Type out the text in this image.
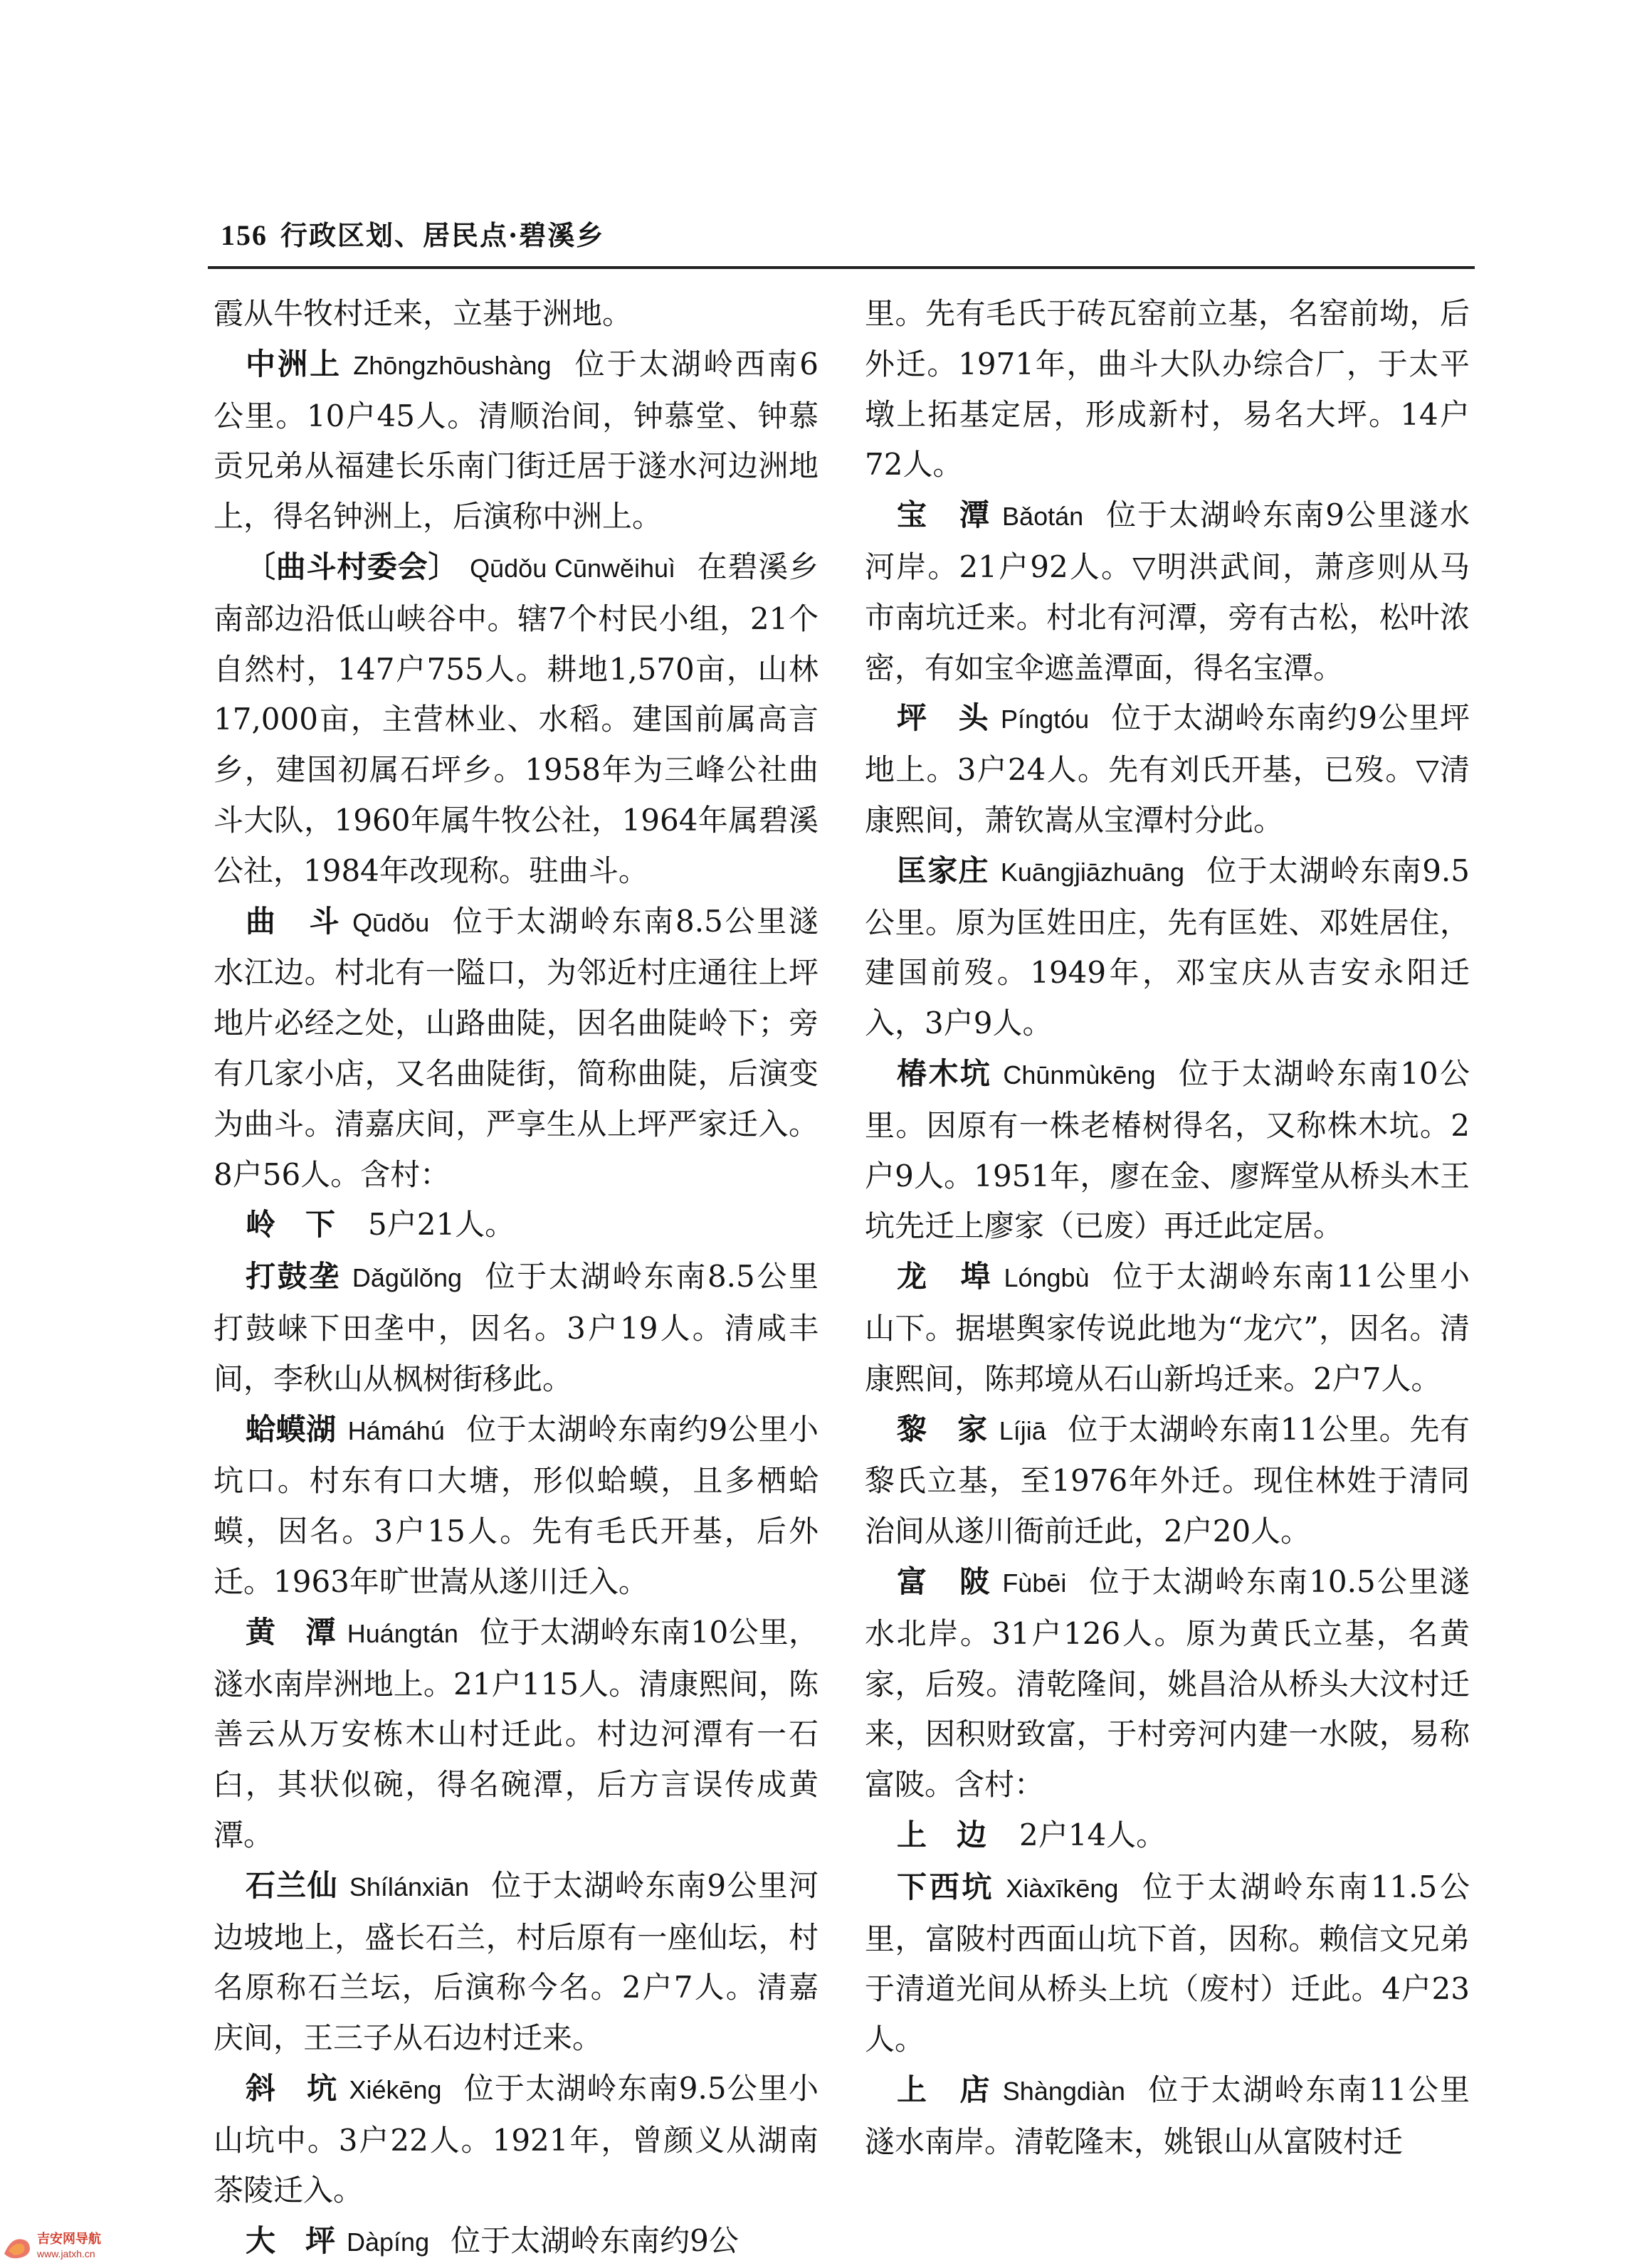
156 行政区划、居民点·碧溪乡

霞从牛牧村迁来，立基于洲地。

中洲上 Zhōngzhōushàng 位于太湖岭西南6公里。10户45人。清顺治间，钟慕堂、钟慕贡兄弟从福建长乐南门街迁居于澻水河边洲地上，得名钟洲上，后演称中洲上。

〔曲斗村委会〕 Qūdǒu Cūnwěihuì 在碧溪乡南部边沿低山峡谷中。辖7个村民小组，21个自然村，147户755人。耕地1,570亩，山林17,000亩，主营林业、水稻。建国前属高言乡，建国初属石坪乡。1958年为三峰公社曲斗大队，1960年属牛牧公社，1964年属碧溪公社，1984年改现称。驻曲斗。

曲　斗 Qūdǒu 位于太湖岭东南8.5公里澻水江边。村北有一隘口，为邻近村庄通往上坪地片必经之处，山路曲陡，因名曲陡岭下；旁有几家小店，又名曲陡街，简称曲陡，后演变为曲斗。清嘉庆间，严享生从上坪严家迁入。8户56人。含村：

岭　下 5户21人。

打鼓垄 Dǎgǔlǒng 位于太湖岭东南8.5公里打鼓崃下田垄中，因名。3户19人。清咸丰间，李秋山从枫树街移此。

蛤蟆湖 Hámáhú 位于太湖岭东南约9公里小坑口。村东有口大塘，形似蛤蟆，且多栖蛤蟆，因名。3户15人。先有毛氏开基，后外迁。1963年旷世嵩从遂川迁入。

黄　潭 Huángtán 位于太湖岭东南10公里，澻水南岸洲地上。21户115人。清康熙间，陈善云从万安栋木山村迁此。村边河潭有一石臼，其状似碗，得名碗潭，后方言误传成黄潭。

石兰仙 Shílánxiān 位于太湖岭东南9公里河边坡地上，盛长石兰，村后原有一座仙坛，村名原称石兰坛，后演称今名。2户7人。清嘉庆间，王三子从石边村迁来。

斜　坑 Xiékēng 位于太湖岭东南9.5公里小山坑中。3户22人。1921年，曾颜义从湖南茶陵迁入。

大　坪 Dàpíng 位于太湖岭东南约9公

里。先有毛氏于砖瓦窑前立基，名窑前坳，后外迁。1971年，曲斗大队办综合厂，于太平墩上拓基定居，形成新村，易名大坪。14户72人。

宝　潭 Bǎotán 位于太湖岭东南9公里澻水河岸。21户92人。▽明洪武间，萧彦则从马市南坑迁来。村北有河潭，旁有古松，松叶浓密，有如宝伞遮盖潭面，得名宝潭。

坪　头 Píngtóu 位于太湖岭东南约9公里坪地上。3户24人。先有刘氏开基，已歿。▽清康熙间，萧钦嵩从宝潭村分此。

匡家庄 Kuāngjiāzhuāng 位于太湖岭东南9.5公里。原为匡姓田庄，先有匡姓、邓姓居住，建国前歿。1949年，邓宝庆从吉安永阳迁入，3户9人。

椿木坑 Chūnmùkēng 位于太湖岭东南10公里。因原有一株老椿树得名，又称株木坑。2户9人。1951年，廖在金、廖辉堂从桥头木王坑先迁上廖家（已废）再迁此定居。

龙　埠 Lóngbù 位于太湖岭东南11公里小山下。据堪舆家传说此地为“龙穴”，因名。清康熙间，陈邦境从石山新坞迁来。2户7人。

黎　家 Líjiā 位于太湖岭东南11公里。先有黎氏立基，至1976年外迁。现住林姓于清同治间从遂川衙前迁此，2户20人。

富　陂 Fùbēi 位于太湖岭东南10.5公里澻水北岸。31户126人。原为黄氏立基，名黄家，后歿。清乾隆间，姚昌洽从桥头大汶村迁来，因积财致富，于村旁河内建一水陂，易称富陂。含村：

上　边 2户14人。

下西坑 Xiàxīkēng 位于太湖岭东南11.5公里，富陂村西面山坑下首，因称。赖信文兄弟于清道光间从桥头上坑（废村）迁此。4户23人。

上　店 Shàngdiàn 位于太湖岭东南11公里澻水南岸。清乾隆末，姚银山从富陂村迁

吉安网导航
www.jatxh.cn
